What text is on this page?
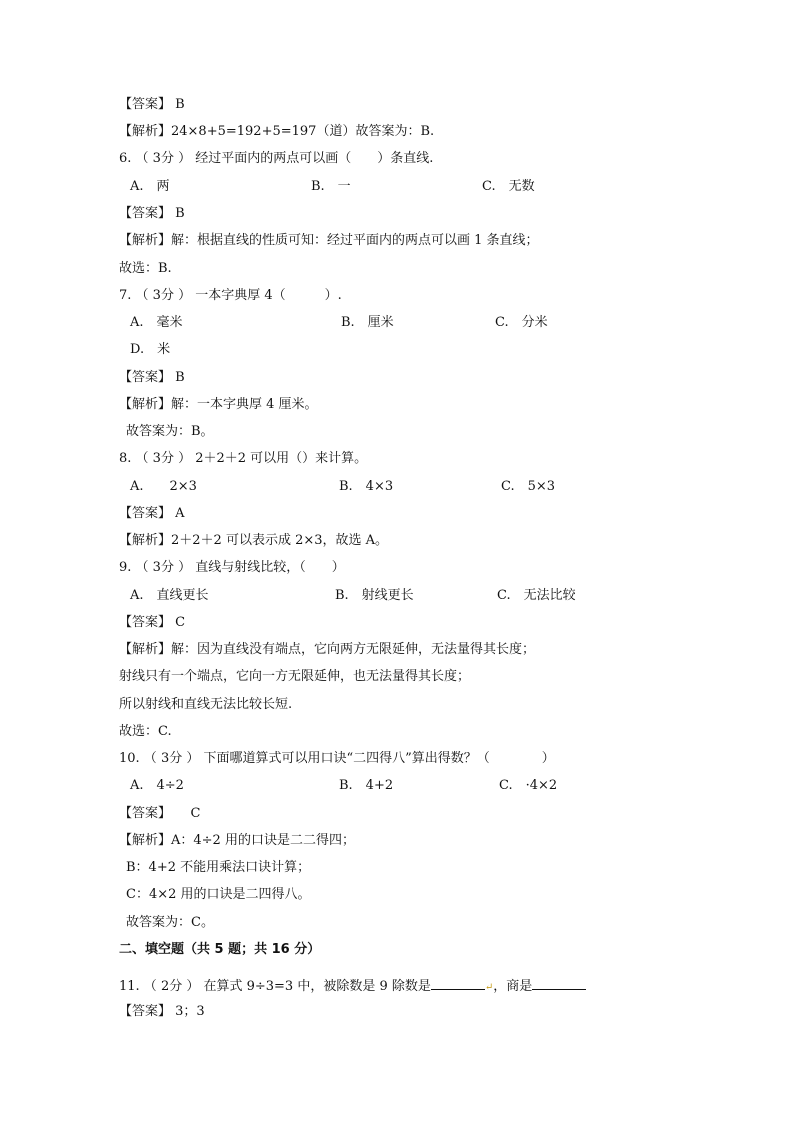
【答案】 B
【解析】24×8+5=192+5=197（道）故答案为：B.
6. （ 3分 ） 经过平面内的两点可以画（　　）条直线.
A.　两	B.　一	C.　无数
【答案】 B
【解析】解：根据直线的性质可知：经过平面内的两点可以画 1 条直线；
故选：B.
7. （ 3分 ） 一本字典厚 4（　　　）.
A.　毫米	B.　厘米	C.　分米
D.　米
【答案】 B
【解析】解：一本字典厚 4 厘米。
故答案为：B。
8. （ 3分 ） 2＋2＋2 可以用（）来计算。
A.　　2×3	B.　4×3	C.　5×3
【答案】 A
【解析】2＋2＋2 可以表示成 2×3，故选 A。
9. （ 3分 ） 直线与射线比较，（　　）
A.　直线更长	B.　射线更长	C.　无法比较
【答案】 C
【解析】解：因为直线没有端点，它向两方无限延伸，无法量得其长度；
射线只有一个端点，它向一方无限延伸，也无法量得其长度；
所以射线和直线无法比较长短.
故选：C.
10. （ 3分 ） 下面哪道算式可以用口诀“二四得八”算出得数？（　　　　）
A.　4÷2	B.　4+2	C.　·4×2
【答案】　　C
【解析】A：4÷2 用的口诀是二二得四；
B：4+2 不能用乘法口诀计算；
C：4×2 用的口诀是二四得八。
故答案为：C。
二、填空题（共 5 题；共 16 分）
11. （ 2分 ） 在算式 9÷3=3 中，被除数是 9 除数是	↵，商是
【答案】 3；3
